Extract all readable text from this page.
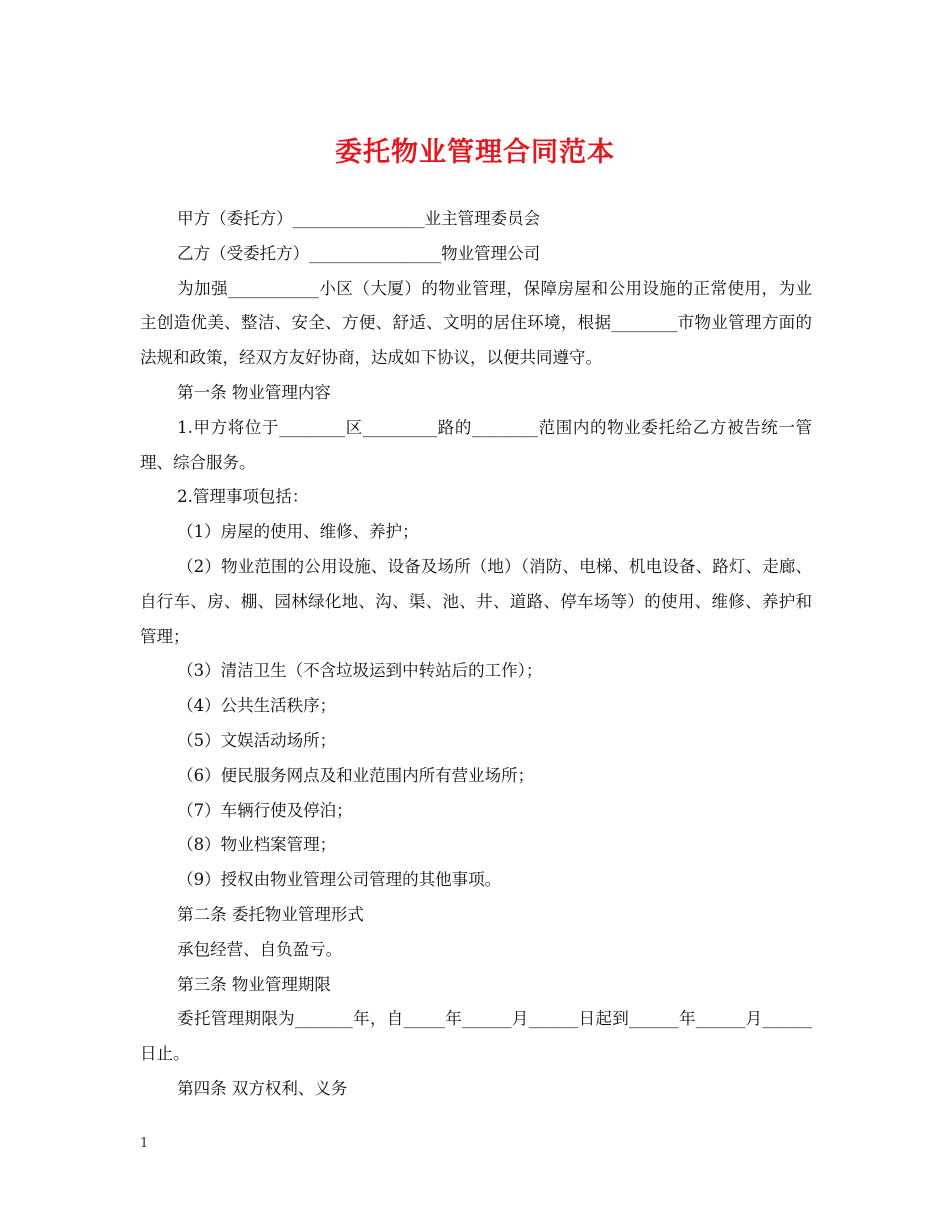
委托物业管理合同范本

甲方（委托方）________________业主管理委员会

乙方（受委托方）________________物业管理公司

为加强___________小区（大厦）的物业管理，保障房屋和公用设施的正常使用，为业主创造优美、整洁、安全、方便、舒适、文明的居住环境，根据________市物业管理方面的法规和政策，经双方友好协商，达成如下协议，以便共同遵守。

第一条 物业管理内容

1.甲方将位于________区_________路的________范围内的物业委托给乙方被告统一管理、综合服务。

2.管理事项包括：

（1）房屋的使用、维修、养护；

（2）物业范围的公用设施、设备及场所（地）（消防、电梯、机电设备、路灯、走廊、自行车、房、棚、园林绿化地、沟、渠、池、井、道路、停车场等）的使用、维修、养护和管理；

（3）清洁卫生（不含垃圾运到中转站后的工作）；

（4）公共生活秩序；

（5）文娱活动场所；

（6）便民服务网点及和业范围内所有营业场所；

（7）车辆行使及停泊；

（8）物业档案管理；

（9）授权由物业管理公司管理的其他事项。

第二条 委托物业管理形式

承包经营、自负盈亏。

第三条 物业管理期限

委托管理期限为_______年，自_____年______月______日起到______年______月______日止。

第四条 双方权利、义务

1
